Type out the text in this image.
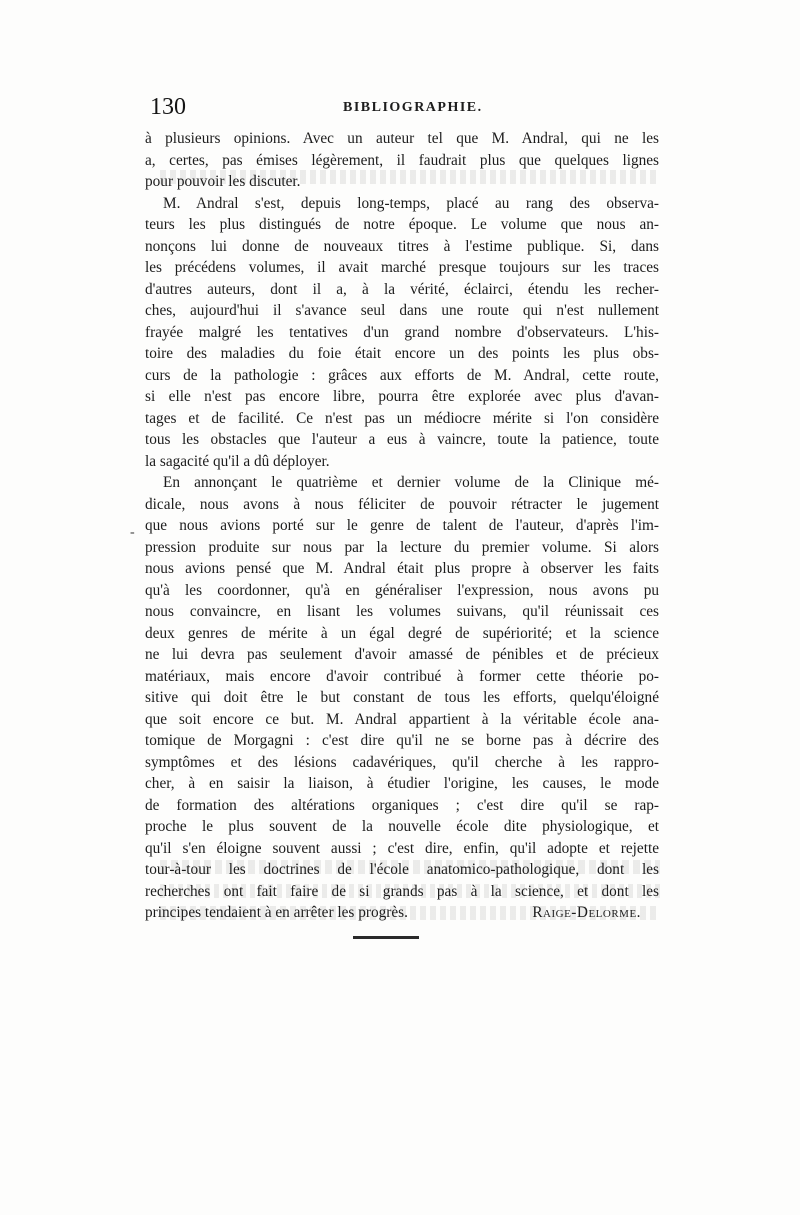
130	BIBLIOGRAPHIE.
-
à plusieurs opinions. Avec un auteur tel que M. Andral, qui ne les
a, certes, pas émises légèrement, il faudrait plus que quelques lignes
pour pouvoir les discuter.
M. Andral s'est, depuis long-temps, placé au rang des observa-
teurs les plus distingués de notre époque. Le volume que nous an-
nonçons lui donne de nouveaux titres à l'estime publique. Si, dans
les précédens volumes, il avait marché presque toujours sur les traces
d'autres auteurs, dont il a, à la vérité, éclairci, étendu les recher-
ches, aujourd'hui il s'avance seul dans une route qui n'est nullement
frayée malgré les tentatives d'un grand nombre d'observateurs. L'his-
toire des maladies du foie était encore un des points les plus obs-
curs de la pathologie : grâces aux efforts de M. Andral, cette route,
si elle n'est pas encore libre, pourra être explorée avec plus d'avan-
tages et de facilité. Ce n'est pas un médiocre mérite si l'on considère
tous les obstacles que l'auteur a eus à vaincre, toute la patience, toute
la sagacité qu'il a dû déployer.
En annonçant le quatrième et dernier volume de la Clinique mé-
dicale, nous avons à nous féliciter de pouvoir rétracter le jugement
que nous avions porté sur le genre de talent de l'auteur, d'après l'im-
pression produite sur nous par la lecture du premier volume. Si alors
nous avions pensé que M. Andral était plus propre à observer les faits
qu'à les coordonner, qu'à en généraliser l'expression, nous avons pu
nous convaincre, en lisant les volumes suivans, qu'il réunissait ces
deux genres de mérite à un égal degré de supériorité; et la science
ne lui devra pas seulement d'avoir amassé de pénibles et de précieux
matériaux, mais encore d'avoir contribué à former cette théorie po-
sitive qui doit être le but constant de tous les efforts, quelqu'éloigné
que soit encore ce but. M. Andral appartient à la véritable école ana-
tomique de Morgagni : c'est dire qu'il ne se borne pas à décrire des
symptômes et des lésions cadavériques, qu'il cherche à les rappro-
cher, à en saisir la liaison, à étudier l'origine, les causes, le mode
de formation des altérations organiques ; c'est dire qu'il se rap-
proche le plus souvent de la nouvelle école dite physiologique, et
qu'il s'en éloigne souvent aussi ; c'est dire, enfin, qu'il adopte et rejette
tour-à-tour les doctrines de l'école anatomico-pathologique, dont les
recherches ont fait faire de si grands pas à la science, et dont les
principes tendaient à en arrêter les progrès.	Raige-Delorme.
